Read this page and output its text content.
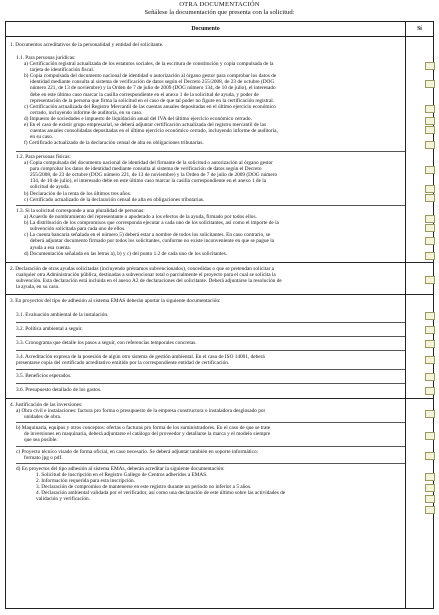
OTRA DOCUMENTACIÓN
Señálese la documentación que presenta con la solicitud:
Documento	Sí
1. Documentos acreditativos de la personalidad y entidad del solicitante.
1.1. Para personas jurídicas:
a) Certificación registral actualizada de los estatutos sociales, de la escritura de constitución y copia compulsada de la
tarjeta de identificación fiscal.
b) Copia compulsada del documento nacional de identidad o autorización al órgano gestor para comprobar los datos de
identidad mediante consulta al sistema de verificación de datos según el Decreto 255/2008, de 23 de octubre (DOG
número 221, de 13 de noviembre) y la Orden de 7 de julio de 2009 (DOG número 134, de 10 de julio), el interesado
debe en este último caso marcar la casilla correspondiente en el anexo 1 de la solicitud de ayuda, y poder de
representación de la persona que firma la solicitud en el caso de que tal poder no figure en la certificación registral.
c) Certificación actualizada del Registro Mercantil de las cuentas anuales depositadas en el último ejercicio económico
cerrado, incluyendo informe de auditoría, en su caso.
d) Impuesto de sociedades e impuesto de liquidación anual del IVA del último ejercicio económico cerrado.
e) En el caso de existir grupo empresarial, se deberá adjuntar certificación actualizada del registro mercantil de las
cuentas anuales consolidadas depositadas en el último ejercicio económico cerrado, incluyendo informe de auditoría,
en su caso.
f) Certificado actualizado de la declaración censal de alta en obligaciones tributarias.
1.2. Para personas físicas:
a) Copia compulsada del documento nacional de identidad del firmante de la solicitud o autorización al órgano gestor
para comprobar los datos de identidad mediante consulta al sistema de verificación de datos según el Decreto
255/2008, de 23 de octubre (DOG número 221, de 13 de noviembre) y la Orden de 7 de julio de 2009 (DOG número
134, de 10 de julio), el interesado debe en este último caso marcar la casilla correspondiente en el anexo 1 de la
solicitud de ayuda.
b) Declaración de la renta de los últimos tres años.
c) Certificado actualizado de la declaración censal de alta en obligaciones tributarias.
1.3. Si la solicitud corresponde a una pluralidad de personas:
a) Acuerdo de nombramiento del representante o apoderado a los efectos de la ayuda, firmado por todos ellos.
b) La distribución de los compromisos que corresponda ejecutar a cada uno de los solicitantes, así como el importe de la
subvención solicitada para cada uno de ellos.
c) La cuenta bancaria señalada en el número 5) deberá estar a nombre de todos los solicitantes. En caso contrario, se
deberá adjuntar documento firmado por todos los solicitantes, conforme no existe inconveniente en que se pague la
ayuda a esa cuenta.
d) Documentación señalada en las letras a), b) y c) del punto 1.2 de cada uno de los solicitantes.
2. Declaración de otras ayudas solicitadas (incluyendo préstamos subvencionados), concedidas o que se pretendan solicitar a
cualquier otra Administración pública, destinadas a subvencionar total o parcialmente el proyecto para el cual se solicita la
subvención. Esta declaración está incluida en el anexo A2 de declaraciones del solicitante. Deberá adjuntarse la resolución de
la ayuda, en su caso.
3. En proyectos del tipo de adhesión al sistema EMAS deberán aportar la siguiente documentación:
3.1. Evaluación ambiental de la instalación.
3.2. Política ambiental a seguir.
3.3. Cronograma que detalle los pasos a seguir, con referencias temporales concretas.
3.4. Acreditación expresa de la posesión de algún otro sistema de gestión ambiental. En el caso de ISO 14001, deberá
presentarse copia del certificado acreditativo emitido por la correspondiente entidad de certificación.
3.5. Beneficios esperados.
3.6. Presupuesto detallado de los gastos.
4. Justificación de las inversiones:
a) Obra civil e instalaciones: factura pro forma o presupuesto de la empresa constructora o instaladora desglosado por
unidades de obra.
b) Maquinaria, equipos y otros conceptos: ofertas o facturas pro forma de los suministradores. En el caso de que se trate
de inversiones en maquinaria, deberá adjuntarse el catálogo del proveedor y detallarse la marca y el modelo siempre
que sea posible.
c) Proyecto técnico visado de forma oficial, en caso necesario. Se deberá adjuntar también en soporte informático:
formato jpg o pdf.
d) En proyectos del tipo adhesión al sistema EMAs, deberán acreditar la siguiente documentación:
1. Solicitud de inscripción en el Registro Gallego de Centros adheridos a EMAS.
2. Información requerida para esta inscripción.
3. Declaración de compromiso de mantenerse en este registro durante un período no inferior a 5 años.
4. Declaración ambiental validada por el verificador, así como una declaración de este último sobre las actividades de
validación y verificación.
